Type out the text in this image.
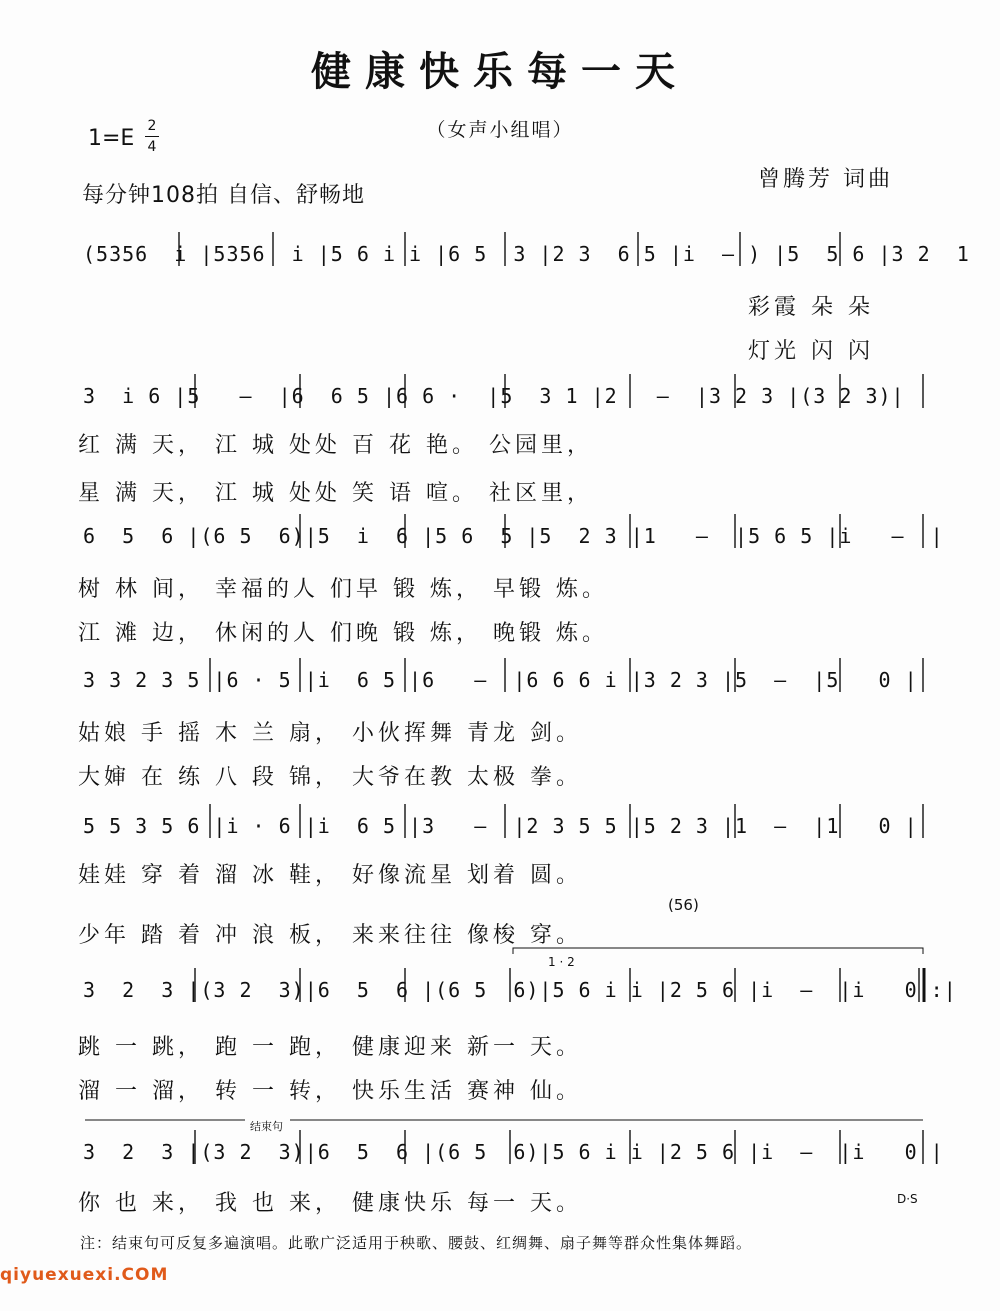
健康快乐每一天
（女声小组唱）
1=E 2
4
每分钟108拍 自信、舒畅地
曾腾芳 词曲
(5356  i |5356  i |5 6 i i |6 5  3 |2 3  6 5 |i  — ) |5  5 6 |3 2  1
彩霞 朵 朵
灯光 闪 闪
3  i 6 |5   —  |6  6 5 |6 6 ·  |5  3 1 |2   —  |3 2 3 |(3 2 3)|
红 满 天， 江 城 处处 百 花 艳。 公园里，
星 满 天， 江 城 处处 笑 语 喧。 社区里，
6  5  6 |(6 5  6)|5  i  6 |5 6  5 |5  2 3 |1   —  |5 6 5 |i   —  |
树 林 间， 幸福的人 们早 锻 炼， 早锻 炼。
江 滩 边， 休闲的人 们晚 锻 炼， 晚锻 炼。
3 3 2 3 5 |6 · 5 |i  6 5 |6   —  |6 6 6 i |3 2 3 |5  —  |5   0 |
姑娘 手 摇 木 兰 扇， 小伙挥舞 青龙 剑。
大婶 在 练 八 段 锦， 大爷在教 太极 拳。
5 5 3 5 6 |i · 6 |i  6 5 |3   —  |2 3 5 5 |5 2 3 |1  —  |1   0 |
娃娃 穿 着 溜 冰 鞋， 好像流星 划着 圆。
(56)
少年 踏 着 冲 浪 板， 来来往往 像梭 穿。
1 · 2
3  2  3 |(3 2  3)|6  5  6 |(6 5  6)|5 6 i i |2 5 6 |i  —  |i   0 :|
跳 一 跳， 跑 一 跑， 健康迎来 新一 天。
溜 一 溜， 转 一 转， 快乐生活 赛神 仙。
结束句
3  2  3 |(3 2  3)|6  5  6 |(6 5  6)|5 6 i i |2 5 6 |i  —  |i   0 |
你 也 来， 我 也 来， 健康快乐 每一 天。	D·S
注：结束句可反复多遍演唱。此歌广泛适用于秧歌、腰鼓、红绸舞、扇子舞等群众性集体舞蹈。
qiyuexuexi.COM
